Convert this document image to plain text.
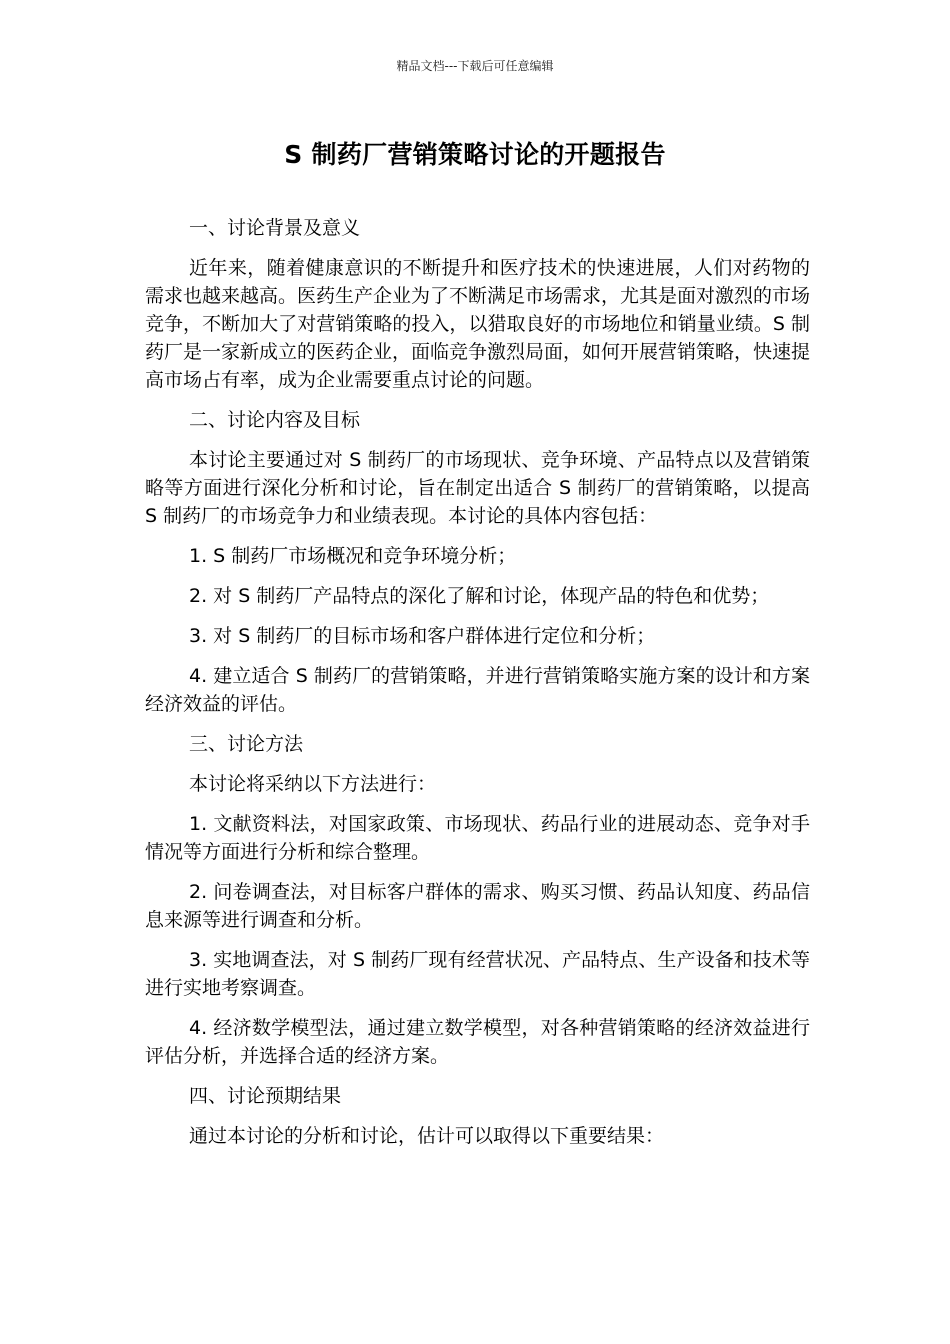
精品文档---下载后可任意编辑
S 制药厂营销策略讨论的开题报告

一、讨论背景及意义

近年来，随着健康意识的不断提升和医疗技术的快速进展，人们对药物的需求也越来越高。医药生产企业为了不断满足市场需求，尤其是面对激烈的市场竞争，不断加大了对营销策略的投入，以猎取良好的市场地位和销量业绩。S 制药厂是一家新成立的医药企业，面临竞争激烈局面，如何开展营销策略，快速提高市场占有率，成为企业需要重点讨论的问题。

二、讨论内容及目标

本讨论主要通过对 S 制药厂的市场现状、竞争环境、产品特点以及营销策略等方面进行深化分析和讨论，旨在制定出适合 S 制药厂的营销策略，以提高 S 制药厂的市场竞争力和业绩表现。本讨论的具体内容包括：

1. S 制药厂市场概况和竞争环境分析；

2. 对 S 制药厂产品特点的深化了解和讨论，体现产品的特色和优势；

3. 对 S 制药厂的目标市场和客户群体进行定位和分析；

4. 建立适合 S 制药厂的营销策略，并进行营销策略实施方案的设计和方案经济效益的评估。

三、讨论方法

本讨论将采纳以下方法进行：

1. 文献资料法，对国家政策、市场现状、药品行业的进展动态、竞争对手情况等方面进行分析和综合整理。

2. 问卷调查法，对目标客户群体的需求、购买习惯、药品认知度、药品信息来源等进行调查和分析。

3. 实地调查法，对 S 制药厂现有经营状况、产品特点、生产设备和技术等进行实地考察调查。

4. 经济数学模型法，通过建立数学模型，对各种营销策略的经济效益进行评估分析，并选择合适的经济方案。

四、讨论预期结果

通过本讨论的分析和讨论，估计可以取得以下重要结果：
